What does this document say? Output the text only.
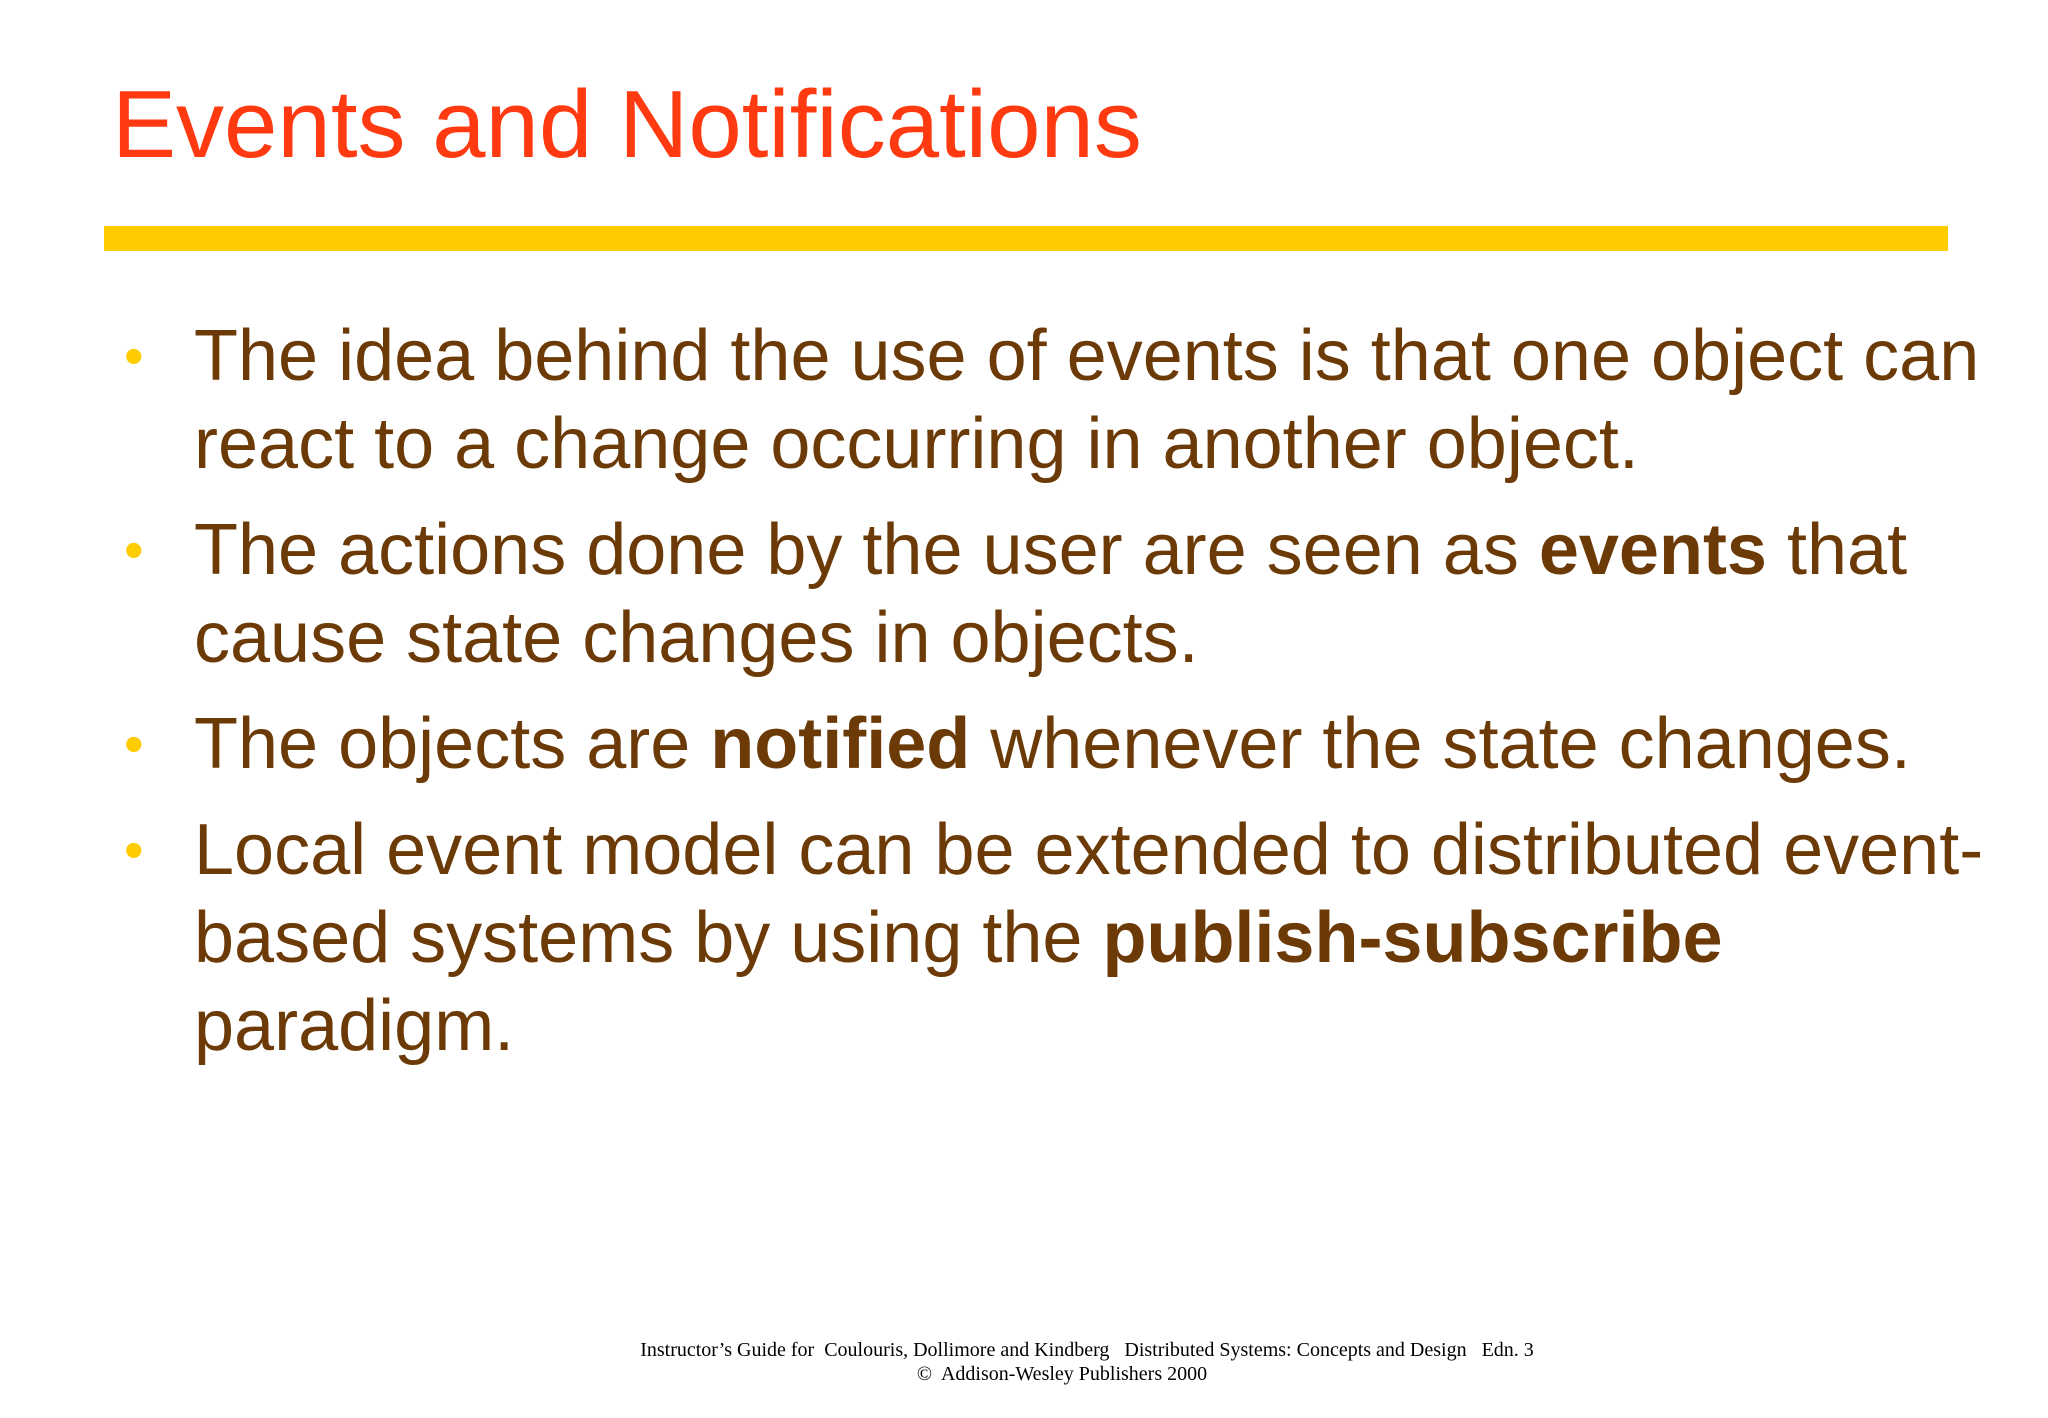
Events and Notifications
• The idea behind the use of events is that one object can react to a change occurring in another object.
• The actions done by the user are seen as events that cause state changes in objects.
• The objects are notified whenever the state changes.
• Local event model can be extended to distributed event-based systems by using the publish-subscribe paradigm.
Instructor’s Guide for  Coulouris, Dollimore and Kindberg   Distributed Systems: Concepts and Design   Edn. 3
©  Addison-Wesley Publishers 2000
